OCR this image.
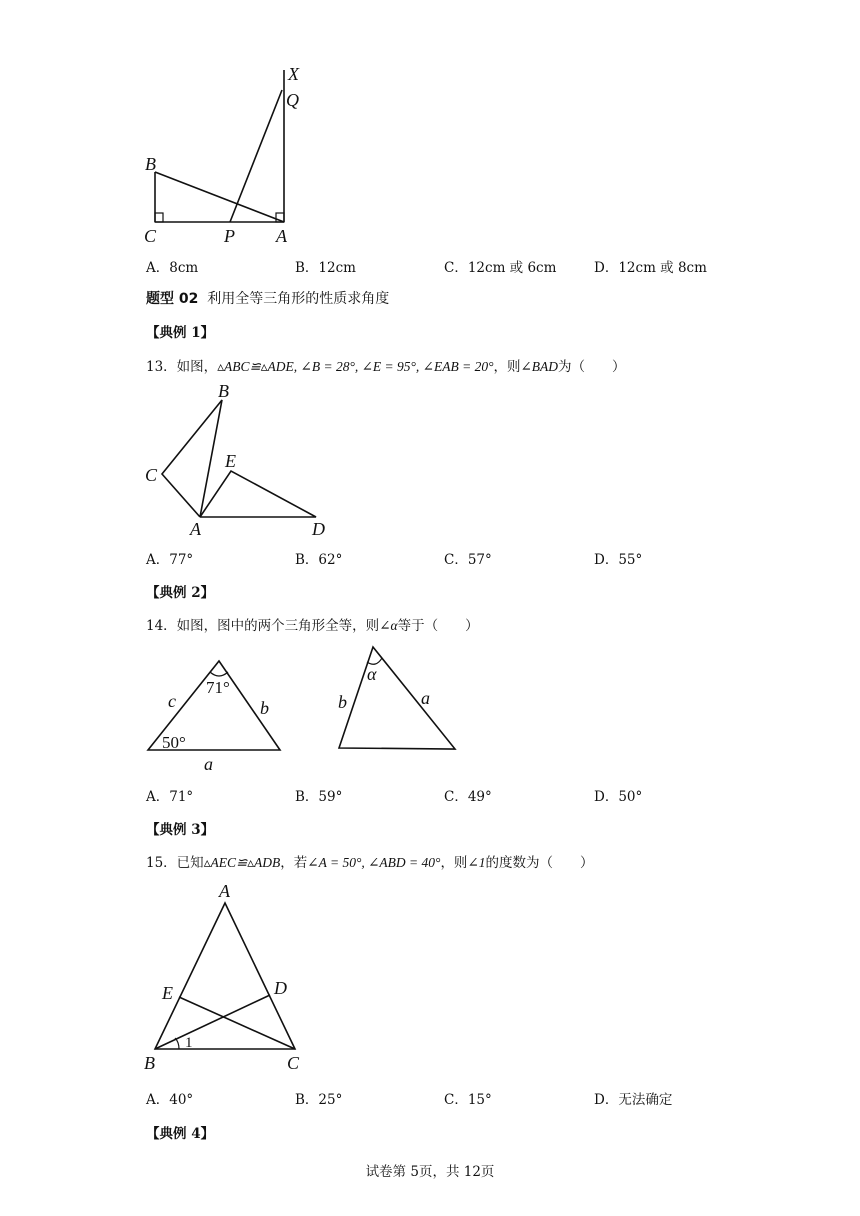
X
Q
B
C	P A
A．8cm	B．12cm	C．12cm 或 6cm	D．12cm 或 8cm
题型 02 利用全等三角形的性质求角度
【典例 1】
13．如图，▵ABC≌▵ADE, ∠B = 28°, ∠E = 95°, ∠EAB = 20°，则∠BAD为（　　）
B
C
E
A	D
A．77°	B．62°	C．57°	D．55°
【典例 2】
14．如图，图中的两个三角形全等，则∠α等于（　　）
71°
50°
c	b
a
α
b	a
A．71°	B．59°	C．49°	D．50°
【典例 3】
15．已知▵AEC≌▵ADB，若∠A = 50°, ∠ABD = 40°，则∠1的度数为（　　）
A
E	D
B	C
1
A．40°	B．25°	C．15°	D．无法确定
【典例 4】
试卷第 5页，共 12页
